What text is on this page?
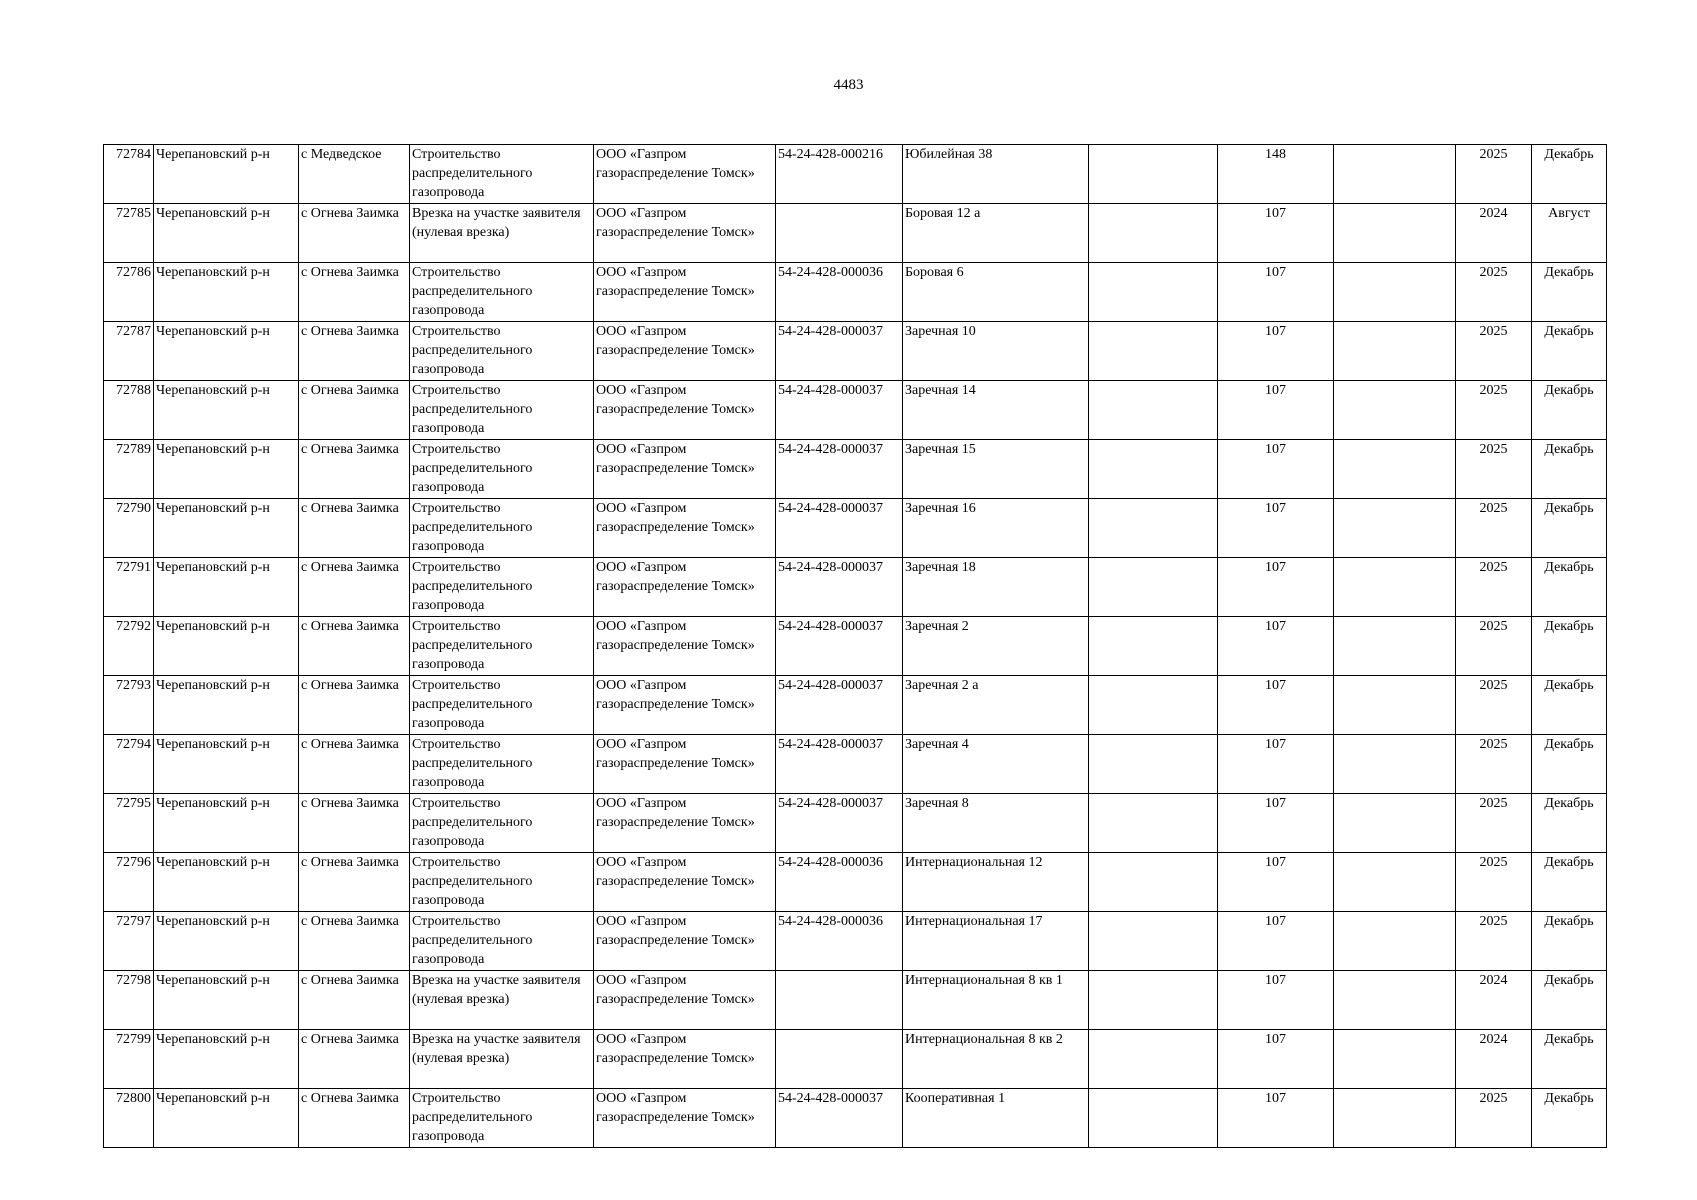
4483
72784	Черепановский р-н	с Медведское	Строительство распределительного газопровода	ООО «Газпром газораспределение Томск»	54-24-428-000216	Юбилейная 38		148		2025	Декабрь
72785	Черепановский р-н	с Огнева Заимка	Врезка на участке заявителя (нулевая врезка)	ООО «Газпром газораспределение Томск»		Боровая 12 а		107		2024	Август
72786	Черепановский р-н	с Огнева Заимка	Строительство распределительного газопровода	ООО «Газпром газораспределение Томск»	54-24-428-000036	Боровая 6		107		2025	Декабрь
72787	Черепановский р-н	с Огнева Заимка	Строительство распределительного газопровода	ООО «Газпром газораспределение Томск»	54-24-428-000037	Заречная 10		107		2025	Декабрь
72788	Черепановский р-н	с Огнева Заимка	Строительство распределительного газопровода	ООО «Газпром газораспределение Томск»	54-24-428-000037	Заречная 14		107		2025	Декабрь
72789	Черепановский р-н	с Огнева Заимка	Строительство распределительного газопровода	ООО «Газпром газораспределение Томск»	54-24-428-000037	Заречная 15		107		2025	Декабрь
72790	Черепановский р-н	с Огнева Заимка	Строительство распределительного газопровода	ООО «Газпром газораспределение Томск»	54-24-428-000037	Заречная 16		107		2025	Декабрь
72791	Черепановский р-н	с Огнева Заимка	Строительство распределительного газопровода	ООО «Газпром газораспределение Томск»	54-24-428-000037	Заречная 18		107		2025	Декабрь
72792	Черепановский р-н	с Огнева Заимка	Строительство распределительного газопровода	ООО «Газпром газораспределение Томск»	54-24-428-000037	Заречная 2		107		2025	Декабрь
72793	Черепановский р-н	с Огнева Заимка	Строительство распределительного газопровода	ООО «Газпром газораспределение Томск»	54-24-428-000037	Заречная 2 а		107		2025	Декабрь
72794	Черепановский р-н	с Огнева Заимка	Строительство распределительного газопровода	ООО «Газпром газораспределение Томск»	54-24-428-000037	Заречная 4		107		2025	Декабрь
72795	Черепановский р-н	с Огнева Заимка	Строительство распределительного газопровода	ООО «Газпром газораспределение Томск»	54-24-428-000037	Заречная 8		107		2025	Декабрь
72796	Черепановский р-н	с Огнева Заимка	Строительство распределительного газопровода	ООО «Газпром газораспределение Томск»	54-24-428-000036	Интернациональная 12		107		2025	Декабрь
72797	Черепановский р-н	с Огнева Заимка	Строительство распределительного газопровода	ООО «Газпром газораспределение Томск»	54-24-428-000036	Интернациональная 17		107		2025	Декабрь
72798	Черепановский р-н	с Огнева Заимка	Врезка на участке заявителя (нулевая врезка)	ООО «Газпром газораспределение Томск»		Интернациональная 8 кв 1		107		2024	Декабрь
72799	Черепановский р-н	с Огнева Заимка	Врезка на участке заявителя (нулевая врезка)	ООО «Газпром газораспределение Томск»		Интернациональная 8 кв 2		107		2024	Декабрь
72800	Черепановский р-н	с Огнева Заимка	Строительство распределительного газопровода	ООО «Газпром газораспределение Томск»	54-24-428-000037	Кооперативная 1		107		2025	Декабрь
